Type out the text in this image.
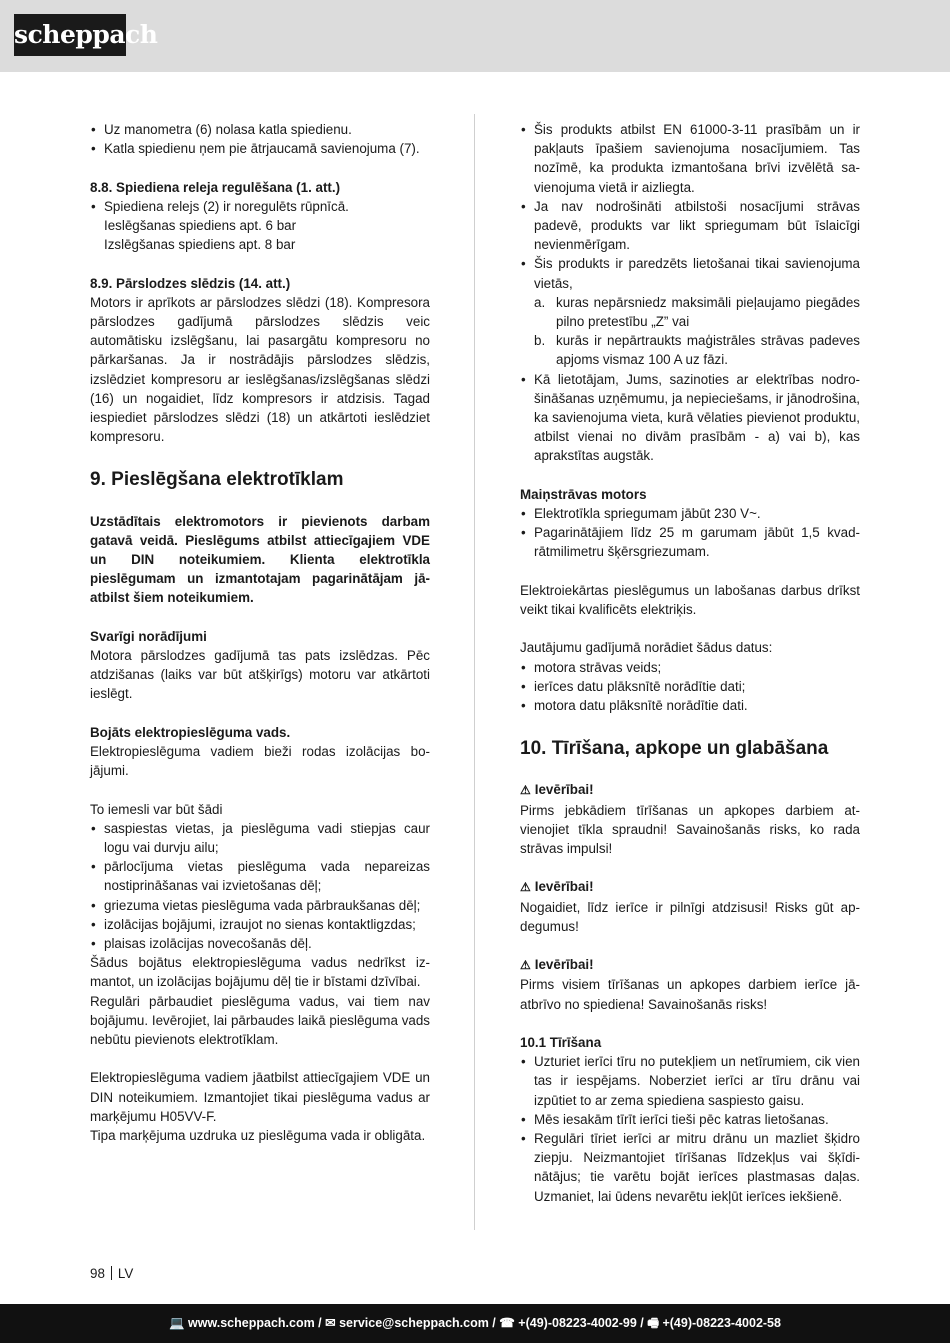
scheppach
• Uz manometra (6) nolasa katla spiedienu.
• Katla spiedienu ņem pie ātrjaucamā savienojuma (7).

8.8. Spiediena releja regulēšana (1. att.)

• Spiediena relejs (2) ir noregulēts rūpnīcā.

Ieslēgšanas spiediens apt. 6 bar

Izslēgšanas spiediens apt. 8 bar

8.9. Pārslodzes slēdzis (14. att.)

Motors ir aprīkots ar pārslodzes slēdzi (18). Kompresora pārslodzes gadījumā pārslodzes slēdzis veic automātisku izslēgšanu, lai pasargātu kompresoru no pārkaršanas. Ja ir nostrādājis pārslodzes slēdzis, izslēdziet kompresoru ar ieslēgšanas/izslēgšanas slēdzi (16) un nogaidiet, līdz kompresors ir atdzisis. Tagad iespiediet pārslodzes slēdzi (18) un atkārtoti ieslēdziet kompresoru.

9. Pieslēgšana elektrotīklam

Uzstādītais elektromotors ir pievienots darbam gatavā veidā. Pieslēgums atbilst attiecīgajiem VDE un DIN noteikumiem. Klienta elektrotīkla pieslēgumam un izmantotajam pagarinātājam jāatbilst šiem noteikumiem.

Svarīgi norādījumi

Motora pārslodzes gadījumā tas pats izslēdzas. Pēc atdzišanas (laiks var būt atšķirīgs) motoru var atkārtoti ieslēgt.

Bojāts elektropieslēguma vads.

Elektropieslēguma vadiem bieži rodas izolācijas bojājumi.

To iemesli var būt šādi

• saspiestas vietas, ja pieslēguma vadi stiepjas caur logu vai durvju ailu;
• pārlocījuma vietas pieslēguma vada nepareizas nostiprināšanas vai izvietošanas dēļ;
• griezuma vietas pieslēguma vada pārbraukšanas dēļ;
• izolācijas bojājumi, izraujot no sienas kontaktligzdas;
• plaisas izolācijas novecošanās dēļ.

Šādus bojātus elektropieslēguma vadus nedrīkst izmantot, un izolācijas bojājumu dēļ tie ir bīstami dzīvībai.

Regulāri pārbaudiet pieslēguma vadus, vai tiem nav bojājumu. Ievērojiet, lai pārbaudes laikā pieslēguma vads nebūtu pievienots elektrotīklam.

Elektropieslēguma vadiem jāatbilst attiecīgajiem VDE un DIN noteikumiem. Izmantojiet tikai pieslēguma vadus ar marķējumu H05VV-F.

Tipa marķējuma uzdruka uz pieslēguma vada ir obligāta.

• Šis produkts atbilst EN 61000-3-11 prasībām un ir pakļauts īpašiem savienojuma nosacījumiem. Tas nozīmē, ka produkta izmantošana brīvi izvēlētā savienojuma vietā ir aizliegta.
• Ja nav nodrošināti atbilstoši nosacījumi strāvas padevē, produkts var likt spriegumam būt īslaicīgi nevienmērīgam.
• Šis produkts ir paredzēts lietošanai tikai savienojuma vietās,
a. kuras nepārsniedz maksimāli pieļaujamo piegādes pilno pretestību „Z” vai
b. kurās ir nepārtraukts maģistrāles strāvas padeves apjoms vismaz 100 A uz fāzi.
• Kā lietotājam, Jums, sazinoties ar elektrības nodrošināšanas uzņēmumu, ja nepieciešams, ir jānodrošina, ka savienojuma vieta, kurā vēlaties pievienot produktu, atbilst vienai no divām prasībām - a) vai b), kas aprakstītas augstāk.

Maiņstrāvas motors

• Elektrotīkla spriegumam jābūt 230 V~.
• Pagarinātājiem līdz 25 m garumam jābūt 1,5 kvadrātmilimetru šķērsgriezumam.

Elektroiekārtas pieslēgumus un labošanas darbus drīkst veikt tikai kvalificēts elektriķis.

Jautājumu gadījumā norādiet šādus datus:

• motora strāvas veids;
• ierīces datu plāksnītē norādītie dati;
• motora datu plāksnītē norādītie dati.

10. Tīrīšana, apkope un glabāšana

⚠ Ievērībai!

Pirms jebkādiem tīrīšanas un apkopes darbiem atvienojiet tīkla spraudni! Savainošanās risks, ko rada strāvas impulsi!

⚠ Ievērībai!

Nogaidiet, līdz ierīce ir pilnīgi atdzisusi! Risks gūt apdegumus!

⚠ Ievērībai!

Pirms visiem tīrīšanas un apkopes darbiem ierīce jāatbrīvo no spiediena! Savainošanās risks!

10.1 Tīrīšana

• Uzturiet ierīci tīru no putekļiem un netīrumiem, cik vien tas ir iespējams. Noberziet ierīci ar tīru drānu vai izpūtiet to ar zema spiediena saspiesto gaisu.
• Mēs iesakām tīrīt ierīci tieši pēc katras lietošanas.
• Regulāri tīriet ierīci ar mitru drānu un mazliet šķidro ziepju. Neizmantojiet tīrīšanas līdzekļus vai šķīdinātājus; tie varētu bojāt ierīces plastmasas daļas. Uzmaniet, lai ūdens nevarētu iekļūt ierīces iekšienē.
98 LV
💻 www.scheppach.com / ✉ service@scheppach.com / ☎ +(49)-08223-4002-99 / 🖷 +(49)-08223-4002-58
